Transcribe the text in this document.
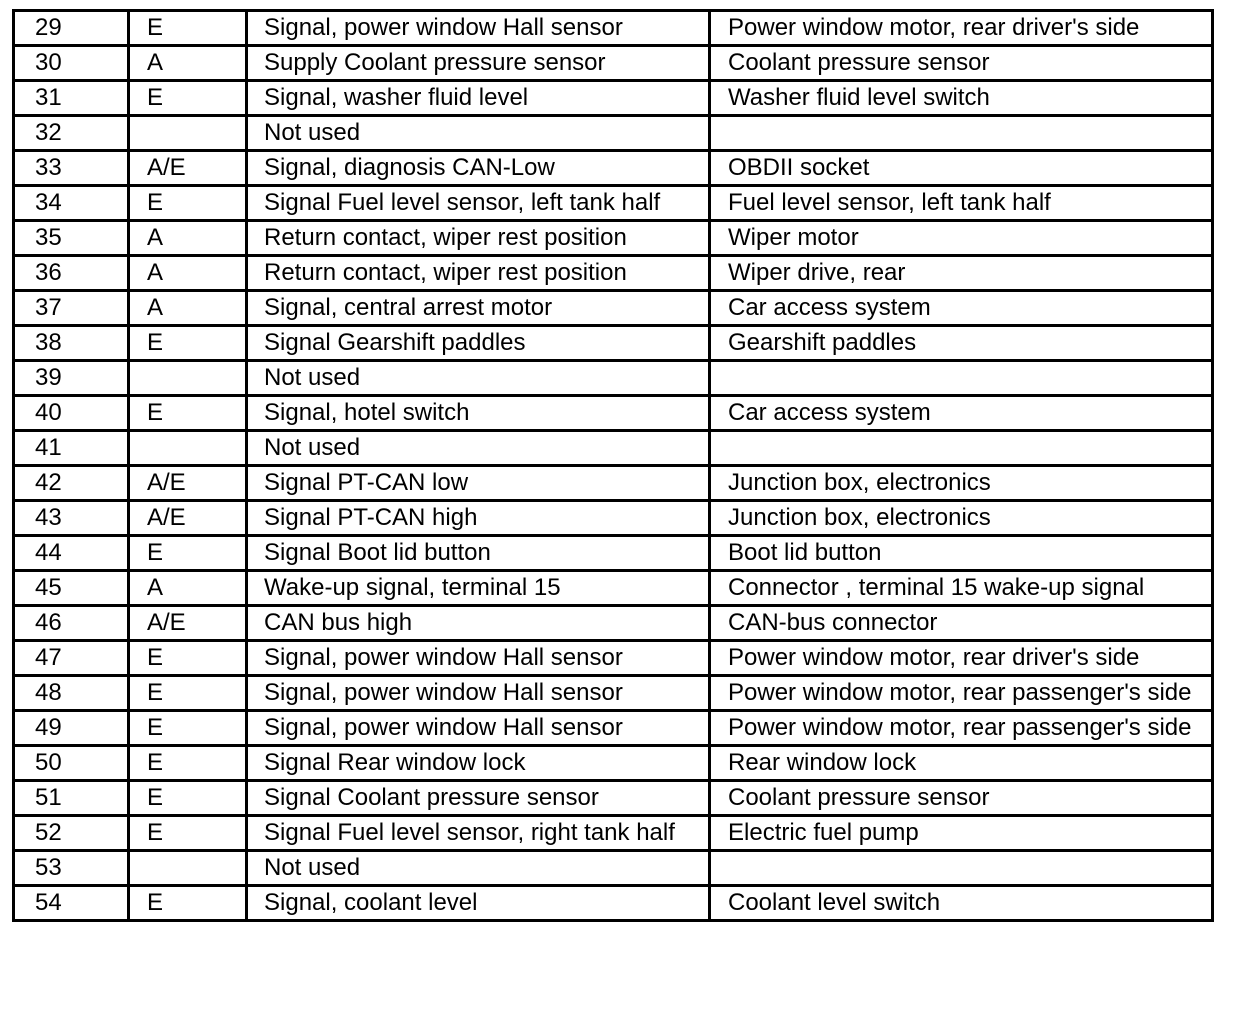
29	E	Signal, power window Hall sensor	Power window motor, rear driver's side
30	A	Supply Coolant pressure sensor	Coolant pressure sensor
31	E	Signal, washer fluid level	Washer fluid level switch
32		Not used	
33	A/E	Signal, diagnosis CAN-Low	OBDII socket
34	E	Signal Fuel level sensor, left tank half	Fuel level sensor, left tank half
35	A	Return contact, wiper rest position	Wiper motor
36	A	Return contact, wiper rest position	Wiper drive, rear
37	A	Signal, central arrest motor	Car access system
38	E	Signal Gearshift paddles	Gearshift paddles
39		Not used	
40	E	Signal, hotel switch	Car access system
41		Not used	
42	A/E	Signal PT-CAN low	Junction box, electronics
43	A/E	Signal PT-CAN high	Junction box, electronics
44	E	Signal Boot lid button	Boot lid button
45	A	Wake-up signal, terminal 15	Connector , terminal 15 wake-up signal
46	A/E	CAN bus high	CAN-bus connector
47	E	Signal, power window Hall sensor	Power window motor, rear driver's side
48	E	Signal, power window Hall sensor	Power window motor, rear passenger's side
49	E	Signal, power window Hall sensor	Power window motor, rear passenger's side
50	E	Signal Rear window lock	Rear window lock
51	E	Signal Coolant pressure sensor	Coolant pressure sensor
52	E	Signal Fuel level sensor, right tank half	Electric fuel pump
53		Not used	
54	E	Signal, coolant level	Coolant level switch
